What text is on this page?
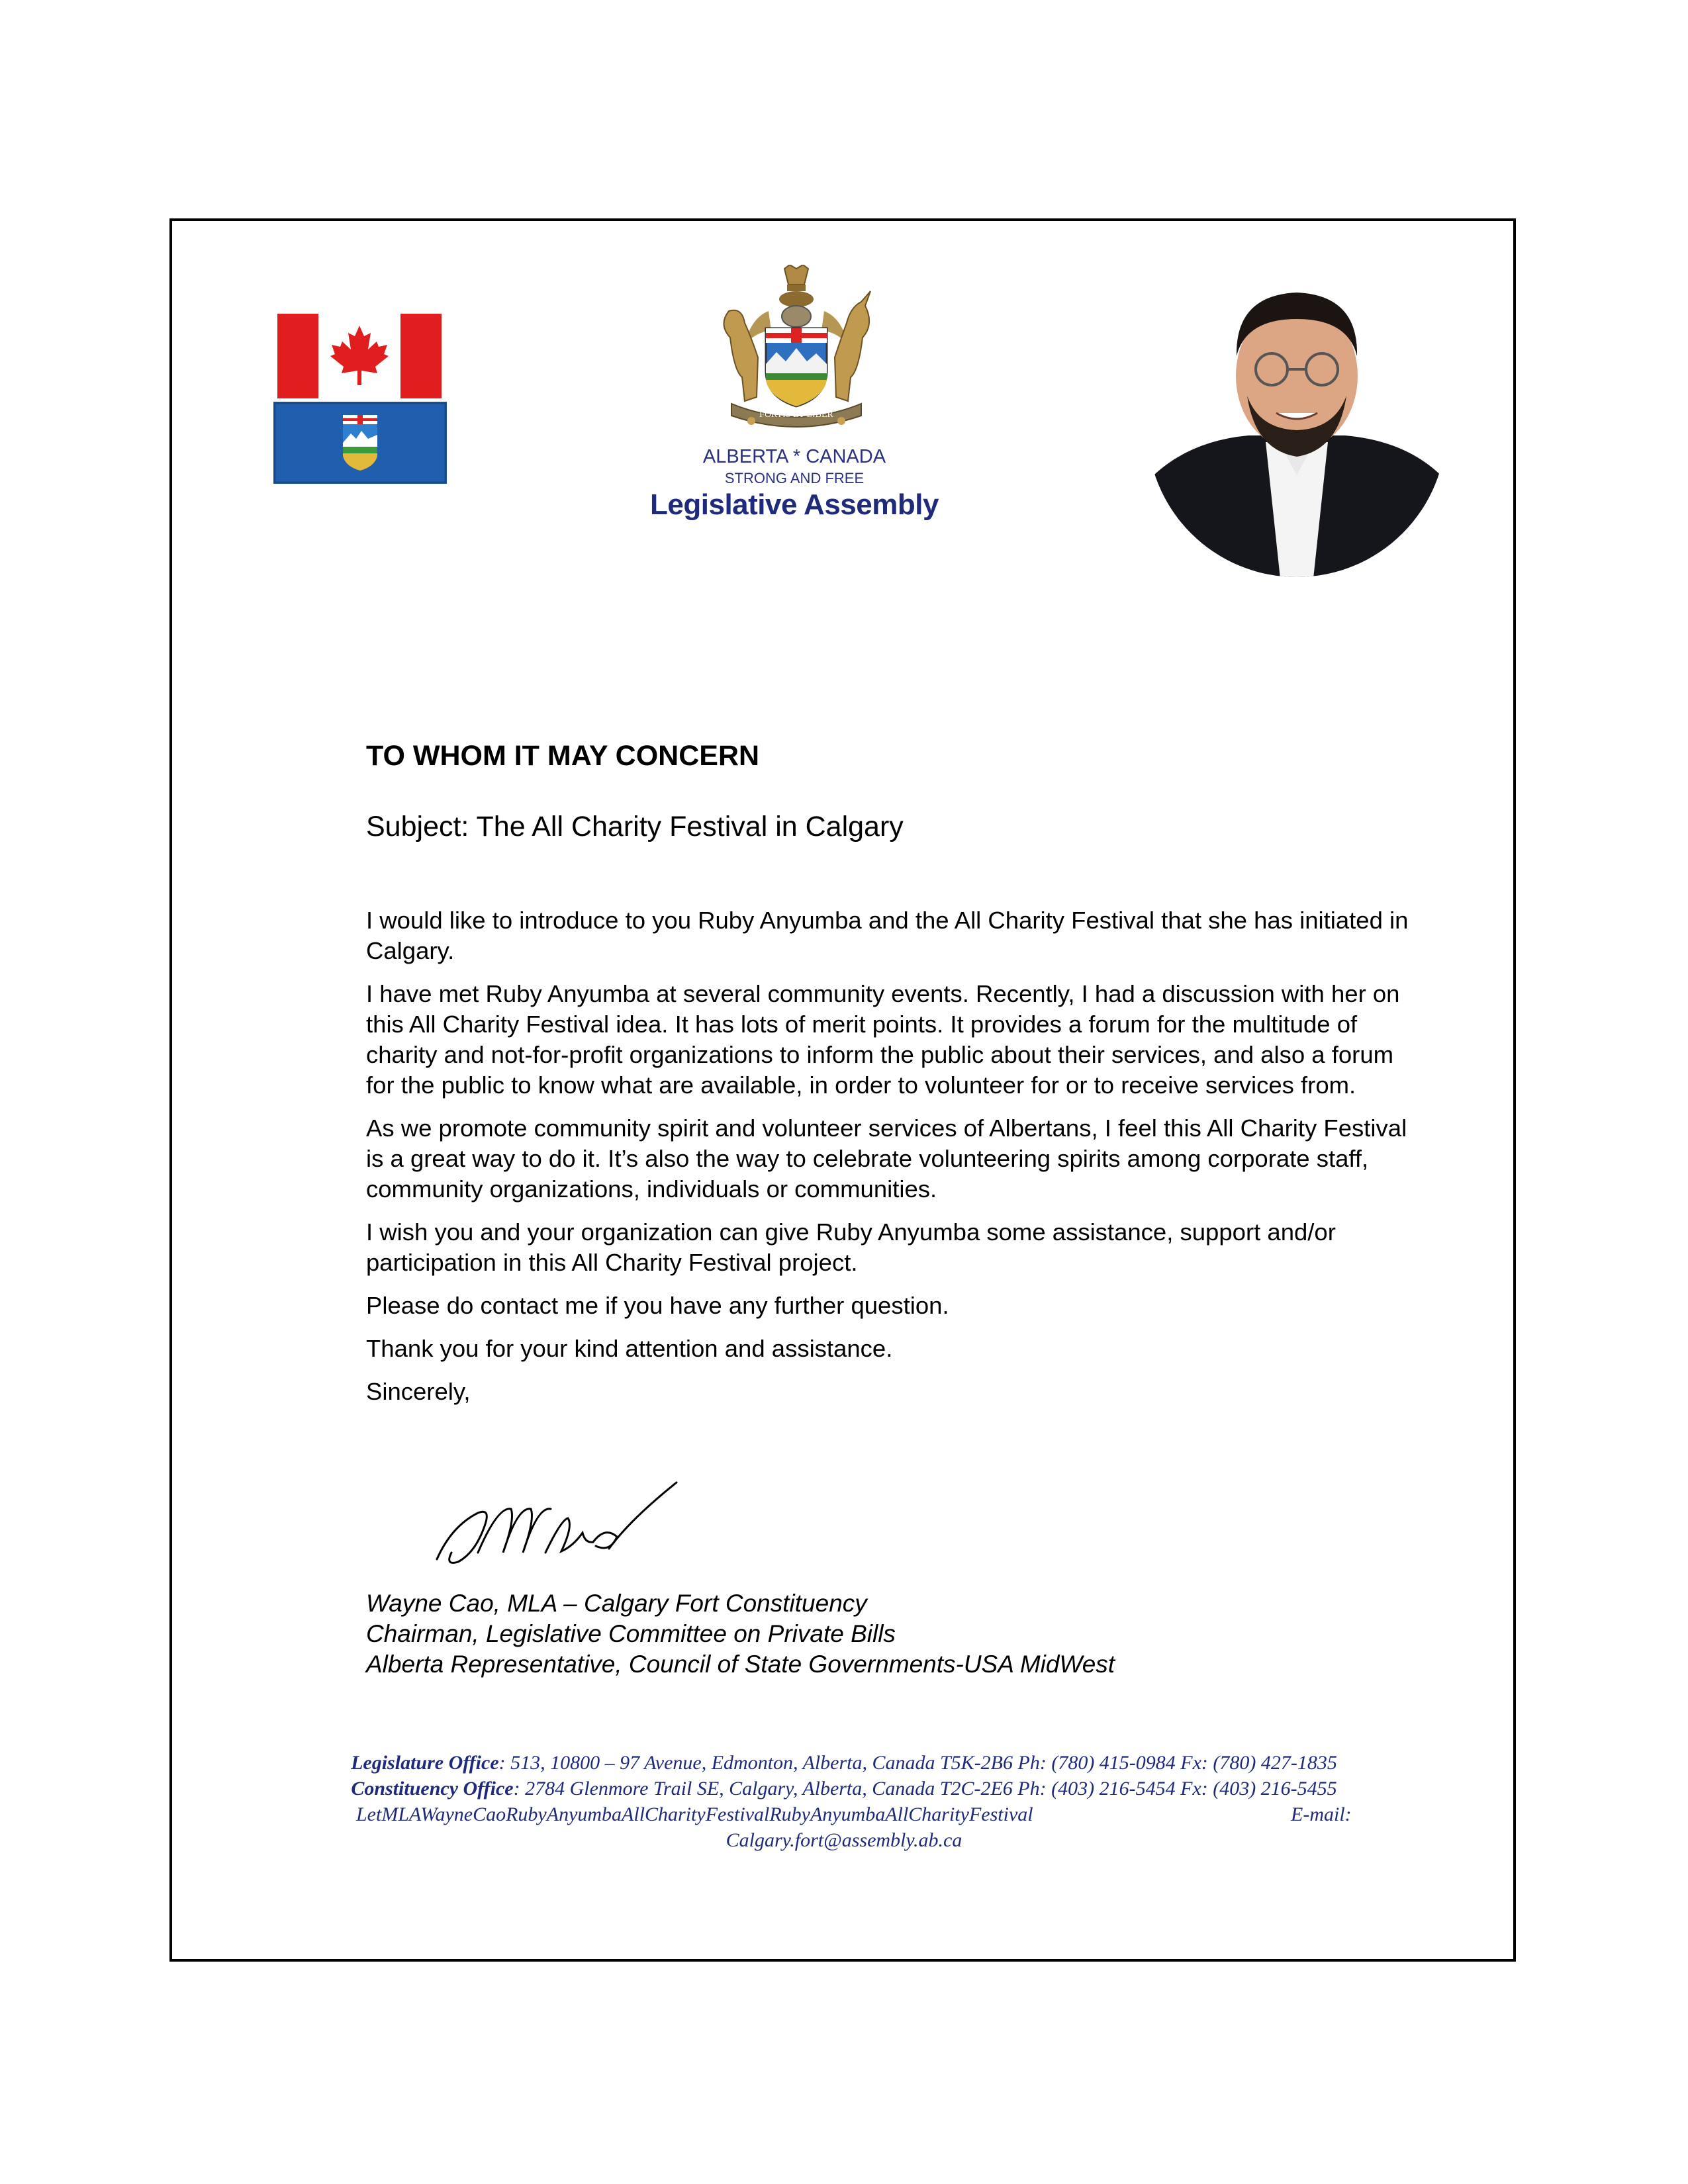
FORTIS ET LIBER
ALBERTA * CANADA
STRONG AND FREE
Legislative Assembly
TO WHOM IT MAY CONCERN
Subject: The All Charity Festival in Calgary

I would like to introduce to you Ruby Anyumba and the All Charity Festival that she has initiated in Calgary.

I have met Ruby Anyumba at several community events. Recently, I had a discussion with her on this All Charity Festival idea. It has lots of merit points. It provides a forum for the multitude of charity and not-for-profit organizations to inform the public about their services, and also a forum for the public to know what are available, in order to volunteer for or to receive services from.

As we promote community spirit and volunteer services of Albertans, I feel this All Charity Festival is a great way to do it. It’s also the way to celebrate volunteering spirits among corporate staff, community organizations, individuals or communities.

I wish you and your organization can give Ruby Anyumba some assistance, support and/or participation in this All Charity Festival project.

Please do contact me if you have any further question.

Thank you for your kind attention and assistance.

Sincerely,

Wayne Cao, MLA – Calgary Fort Constituency
Chairman, Legislative Committee on Private Bills
Alberta Representative, Council of State Governments-USA MidWest
Legislature Office: 513, 10800 – 97 Avenue, Edmonton, Alberta, Canada T5K-2B6 Ph: (780) 415-0984 Fx: (780) 427-1835
Constituency Office: 2784 Glenmore Trail SE, Calgary, Alberta, Canada T2C-2E6 Ph: (403) 216-5454 Fx: (403) 216-5455
LetMLAWayneCaoRubyAnyumbaAllCharityFestivalRubyAnyumbaAllCharityFestival	E-mail:
Calgary.fort@assembly.ab.ca
